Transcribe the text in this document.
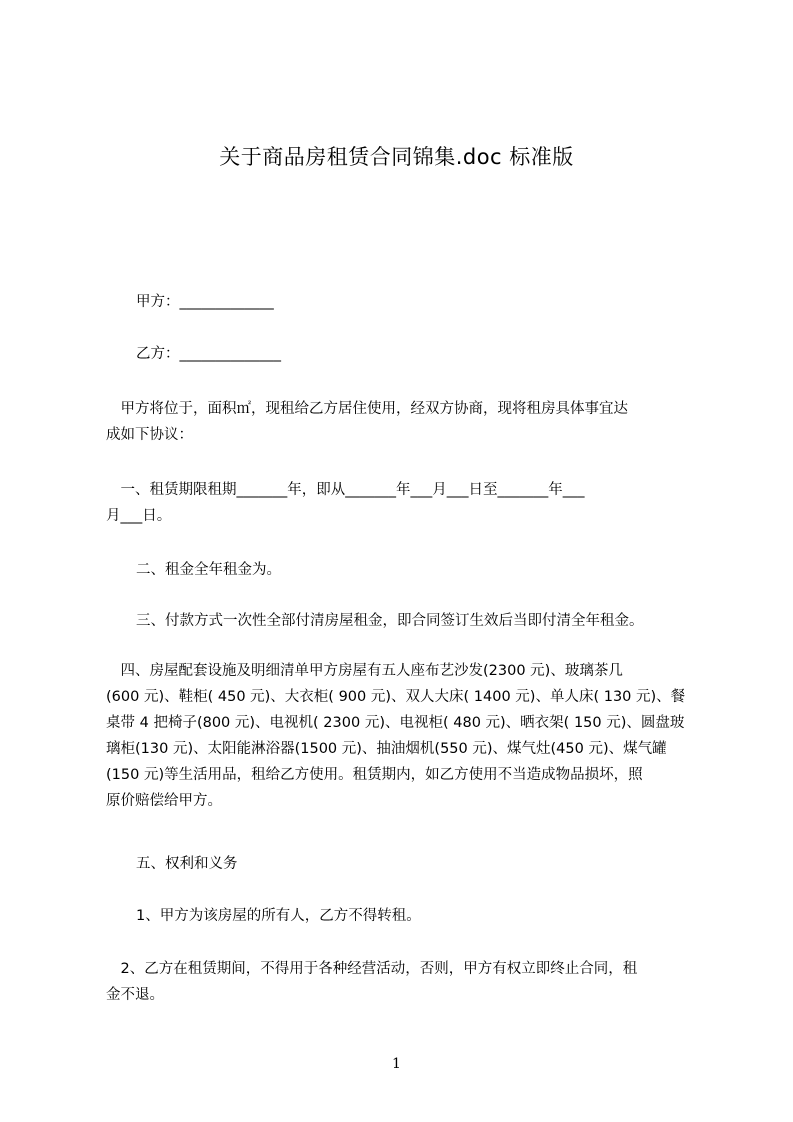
关于商品房租赁合同锦集.doc 标准版
甲方：_____________
乙方：______________
　甲方将位于，面积㎡，现租给乙方居住使用，经双方协商，现将租房具体事宜达
成如下协议：
　一、租赁期限租期_______年，即从_______年___月___日至_______年___
月___日。
二、租金全年租金为。
三、付款方式一次性全部付清房屋租金，即合同签订生效后当即付清全年租金。
　四、房屋配套设施及明细清单甲方房屋有五人座布艺沙发(2300 元)、玻璃茶几
(600 元)、鞋柜( 450 元)、大衣柜( 900 元)、双人大床( 1400 元)、单人床( 130 元)、餐
桌带 4 把椅子(800 元)、电视机( 2300 元)、电视柜( 480 元)、晒衣架( 150 元)、圆盘玻
璃柜(130 元)、太阳能淋浴器(1500 元)、抽油烟机(550 元)、煤气灶(450 元)、煤气罐
(150 元)等生活用品，租给乙方使用。租赁期内，如乙方使用不当造成物品损坏，照
原价赔偿给甲方。
五、权利和义务
1、甲方为该房屋的所有人，乙方不得转租。
　2、乙方在租赁期间，不得用于各种经营活动，否则，甲方有权立即终止合同，租
金不退。
1
